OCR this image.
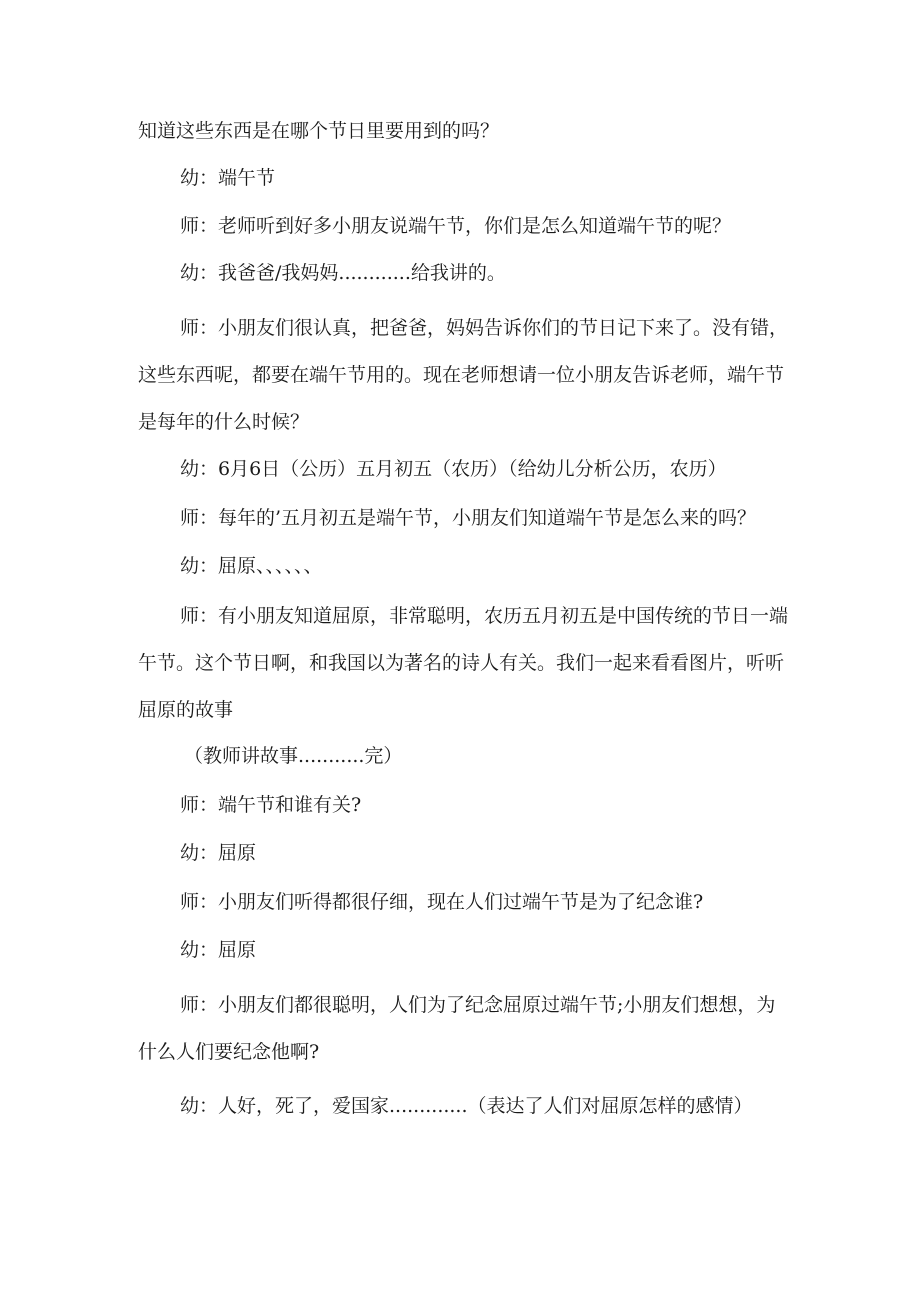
知道这些东西是在哪个节日里要用到的吗？

幼：端午节

师：老师听到好多小朋友说端午节，你们是怎么知道端午节的呢？

幼：我爸爸/我妈妈............给我讲的。

师：小朋友们很认真，把爸爸，妈妈告诉你们的节日记下来了。没有错，这些东西呢，都要在端午节用的。现在老师想请一位小朋友告诉老师，端午节是每年的什么时候？

幼：6月6日（公历）五月初五（农历）（给幼儿分析公历，农历）

师：每年的’五月初五是端午节，小朋友们知道端午节是怎么来的吗？

幼：屈原、、、、、、

师：有小朋友知道屈原，非常聪明，农历五月初五是中国传统的节日一端午节。这个节日啊，和我国以为著名的诗人有关。我们一起来看看图片，听听屈原的故事

（教师讲故事...........完）

师：端午节和谁有关?

幼：屈原

师：小朋友们听得都很仔细，现在人们过端午节是为了纪念谁?

幼：屈原

师：小朋友们都很聪明，人们为了纪念屈原过端午节;小朋友们想想，为什么人们要纪念他啊?

幼：人好，死了，爱国家.............（表达了人们对屈原怎样的感情）
